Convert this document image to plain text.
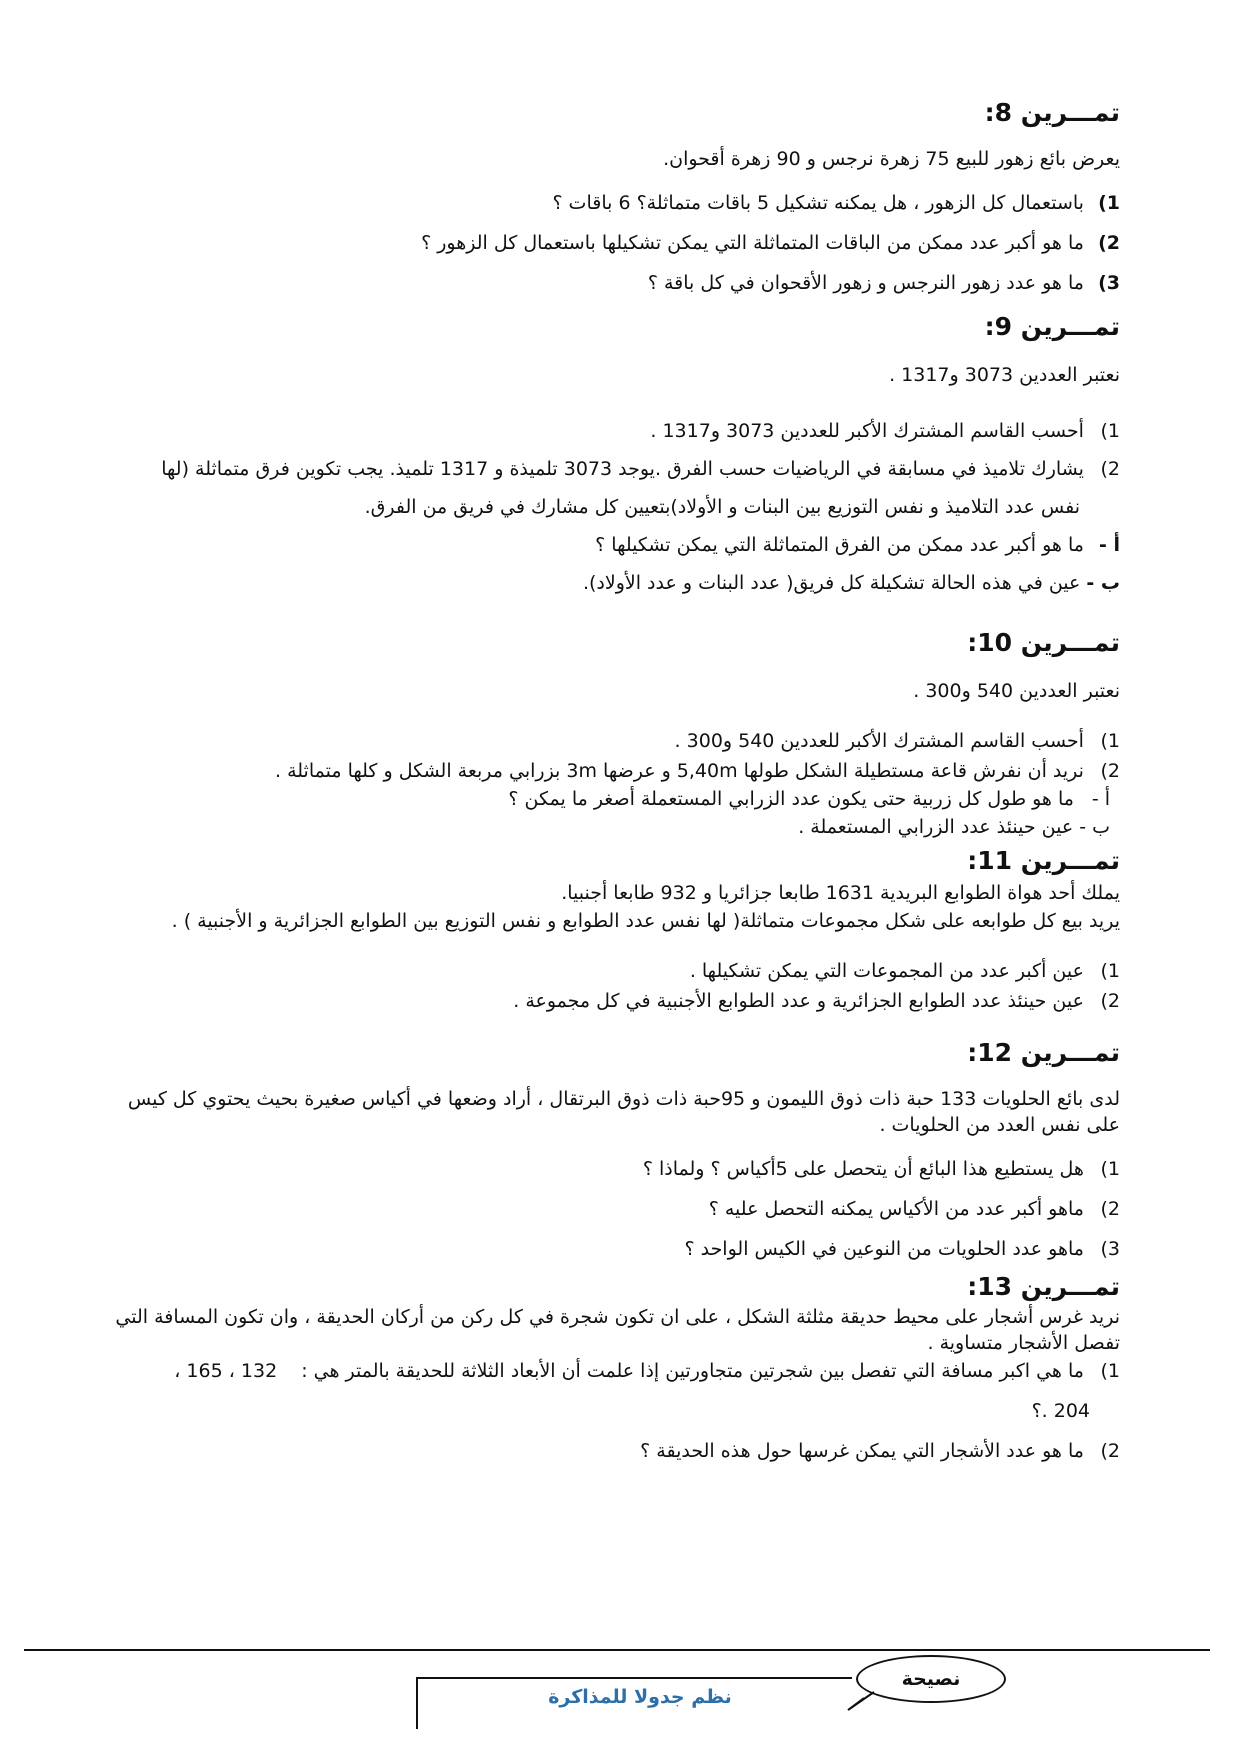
تمـــرين 8:

يعرض بائع زهور للبيع 75 زهرة نرجس و 90 زهرة أقحوان.
1) باستعمال كل الزهور ، هل يمكنه تشكيل 5 باقات متماثلة؟ 6 باقات ؟
2) ما هو أكبر عدد ممكن من الباقات المتماثلة التي يمكن تشكيلها باستعمال كل الزهور ؟
3) ما هو عدد زهور النرجس و زهور الأقحوان في كل باقة ؟

تمـــرين 9:

نعتبر العددين 3073 و1317 .
1) أحسب القاسم المشترك الأكبر للعددين 3073 و1317 .
2) يشارك تلاميذ في مسابقة في الرياضيات حسب الفرق .يوجد 3073 تلميذة و 1317 تلميذ. يجب تكوين فرق متماثلة (لها
نفس عدد التلاميذ و نفس التوزيع بين البنات و الأولاد)بتعيين كل مشارك في فريق من الفرق.
أ - ما هو أكبر عدد ممكن من الفرق المتماثلة التي يمكن تشكيلها ؟
ب - عين في هذه الحالة تشكيلة كل فريق( عدد البنات و عدد الأولاد).

تمـــرين 10:

نعتبر العددين 540 و300 .
1) أحسب القاسم المشترك الأكبر للعددين 540 و300 .
2) نريد أن نفرش قاعة مستطيلة الشكل طولها 5,40m و عرضها 3m بزرابي مربعة الشكل و كلها متماثلة .
أ - ما هو طول كل زربية حتى يكون عدد الزرابي المستعملة أصغر ما يمكن ؟
ب - عين حينئذ عدد الزرابي المستعملة .

تمـــرين 11:

يملك أحد هواة الطوابع البريدية 1631 طابعا جزائريا و 932 طابعا أجنبيا.
يريد بيع كل طوابعه على شكل مجموعات متماثلة( لها نفس عدد الطوابع و نفس التوزيع بين الطوابع الجزائرية و الأجنبية ) .
1) عين أكبر عدد من المجموعات التي يمكن تشكيلها .
2) عين حينئذ عدد الطوابع الجزائرية و عدد الطوابع الأجنبية في كل مجموعة .

تمـــرين 12:

لدى بائع الحلويات 133 حبة ذات ذوق الليمون و 95حبة ذات ذوق البرتقال ، أراد وضعها في أكياس صغيرة بحيث يحتوي كل كيس على نفس العدد من الحلويات .
1) هل يستطيع هذا البائع أن يتحصل على 5أكياس ؟ ولماذا ؟
2) ماهو أكبر عدد من الأكياس يمكنه التحصل عليه ؟
3) ماهو عدد الحلويات من النوعين في الكيس الواحد ؟

تمـــرين 13:

نريد غرس أشجار على محيط حديقة مثلثة الشكل ، على ان تكون شجرة في كل ركن من أركان الحديقة ، وان تكون المسافة التي تفصل الأشجار متساوية .
1) ما هي اكبر مسافة التي تفصل بين شجرتين متجاورتين إذا علمت أن الأبعاد الثلاثة للحديقة بالمتر هي : 132 ، 165 ،
204 .؟
2) ما هو عدد الأشجار التي يمكن غرسها حول هذه الحديقة ؟
نظم جدولا للمذاكرة
نصيحة
